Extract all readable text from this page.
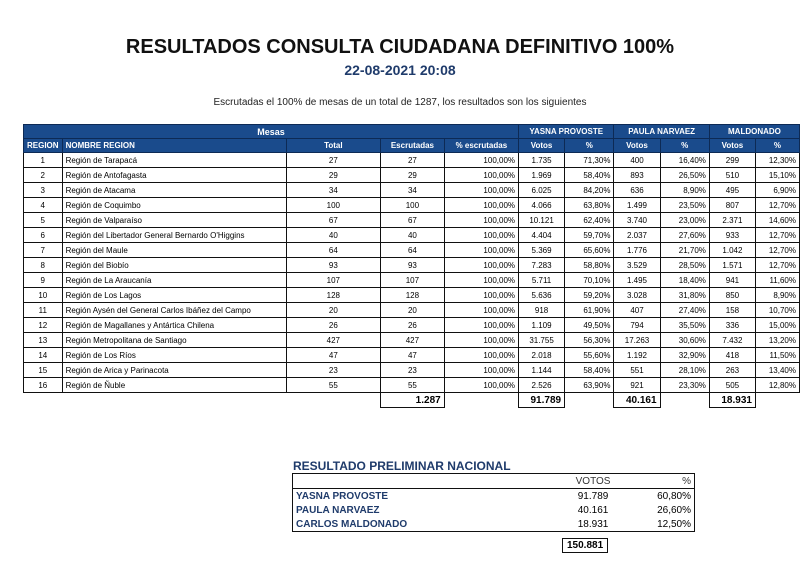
RESULTADOS CONSULTA CIUDADANA DEFINITIVO 100%
22-08-2021 20:08
Escrutadas el 100% de mesas de un total de 1287, los resultados son los siguientes
Mesas					YASNA PROVOSTE		PAULA NARVAEZ		MALDONADO	
REGION	NOMBRE REGION	Total	Escrutadas	% escrutadas	Votos	%	Votos	%	Votos	%
1	Región de Tarapacá	27	27	100,00%	1.735	71,30%	400	16,40%	299	12,30%
2	Región de Antofagasta	29	29	100,00%	1.969	58,40%	893	26,50%	510	15,10%
3	Región de Atacama	34	34	100,00%	6.025	84,20%	636	8,90%	495	6,90%
4	Región de Coquimbo	100	100	100,00%	4.066	63,80%	1.499	23,50%	807	12,70%
5	Región de Valparaíso	67	67	100,00%	10.121	62,40%	3.740	23,00%	2.371	14,60%
6	Región del Libertador General Bernardo O'Higgins	40	40	100,00%	4.404	59,70%	2.037	27,60%	933	12,70%
7	Región del Maule	64	64	100,00%	5.369	65,60%	1.776	21,70%	1.042	12,70%
8	Región del Biobío	93	93	100,00%	7.283	58,80%	3.529	28,50%	1.571	12,70%
9	Región de La Araucanía	107	107	100,00%	5.711	70,10%	1.495	18,40%	941	11,60%
10	Región de Los Lagos	128	128	100,00%	5.636	59,20%	3.028	31,80%	850	8,90%
11	Región Aysén del General Carlos Ibáñez del Campo	20	20	100,00%	918	61,90%	407	27,40%	158	10,70%
12	Región de Magallanes y Antártica Chilena	26	26	100,00%	1.109	49,50%	794	35,50%	336	15,00%
13	Región Metropolitana de Santiago	427	427	100,00%	31.755	56,30%	17.263	30,60%	7.432	13,20%
14	Región de Los Ríos	47	47	100,00%	2.018	55,60%	1.192	32,90%	418	11,50%
15	Región de Arica y Parinacota	23	23	100,00%	1.144	58,40%	551	28,10%	263	13,40%
16	Región de Ñuble	55	55	100,00%	2.526	63,90%	921	23,30%	505	12,80%
			1.287		91.789		40.161		18.931	
RESULTADO PRELIMINAR NACIONAL
	VOTOS	%
YASNA PROVOSTE	91.789	60,80%
PAULA NARVAEZ	40.161	26,60%
CARLOS MALDONADO	18.931	12,50%
150.881
